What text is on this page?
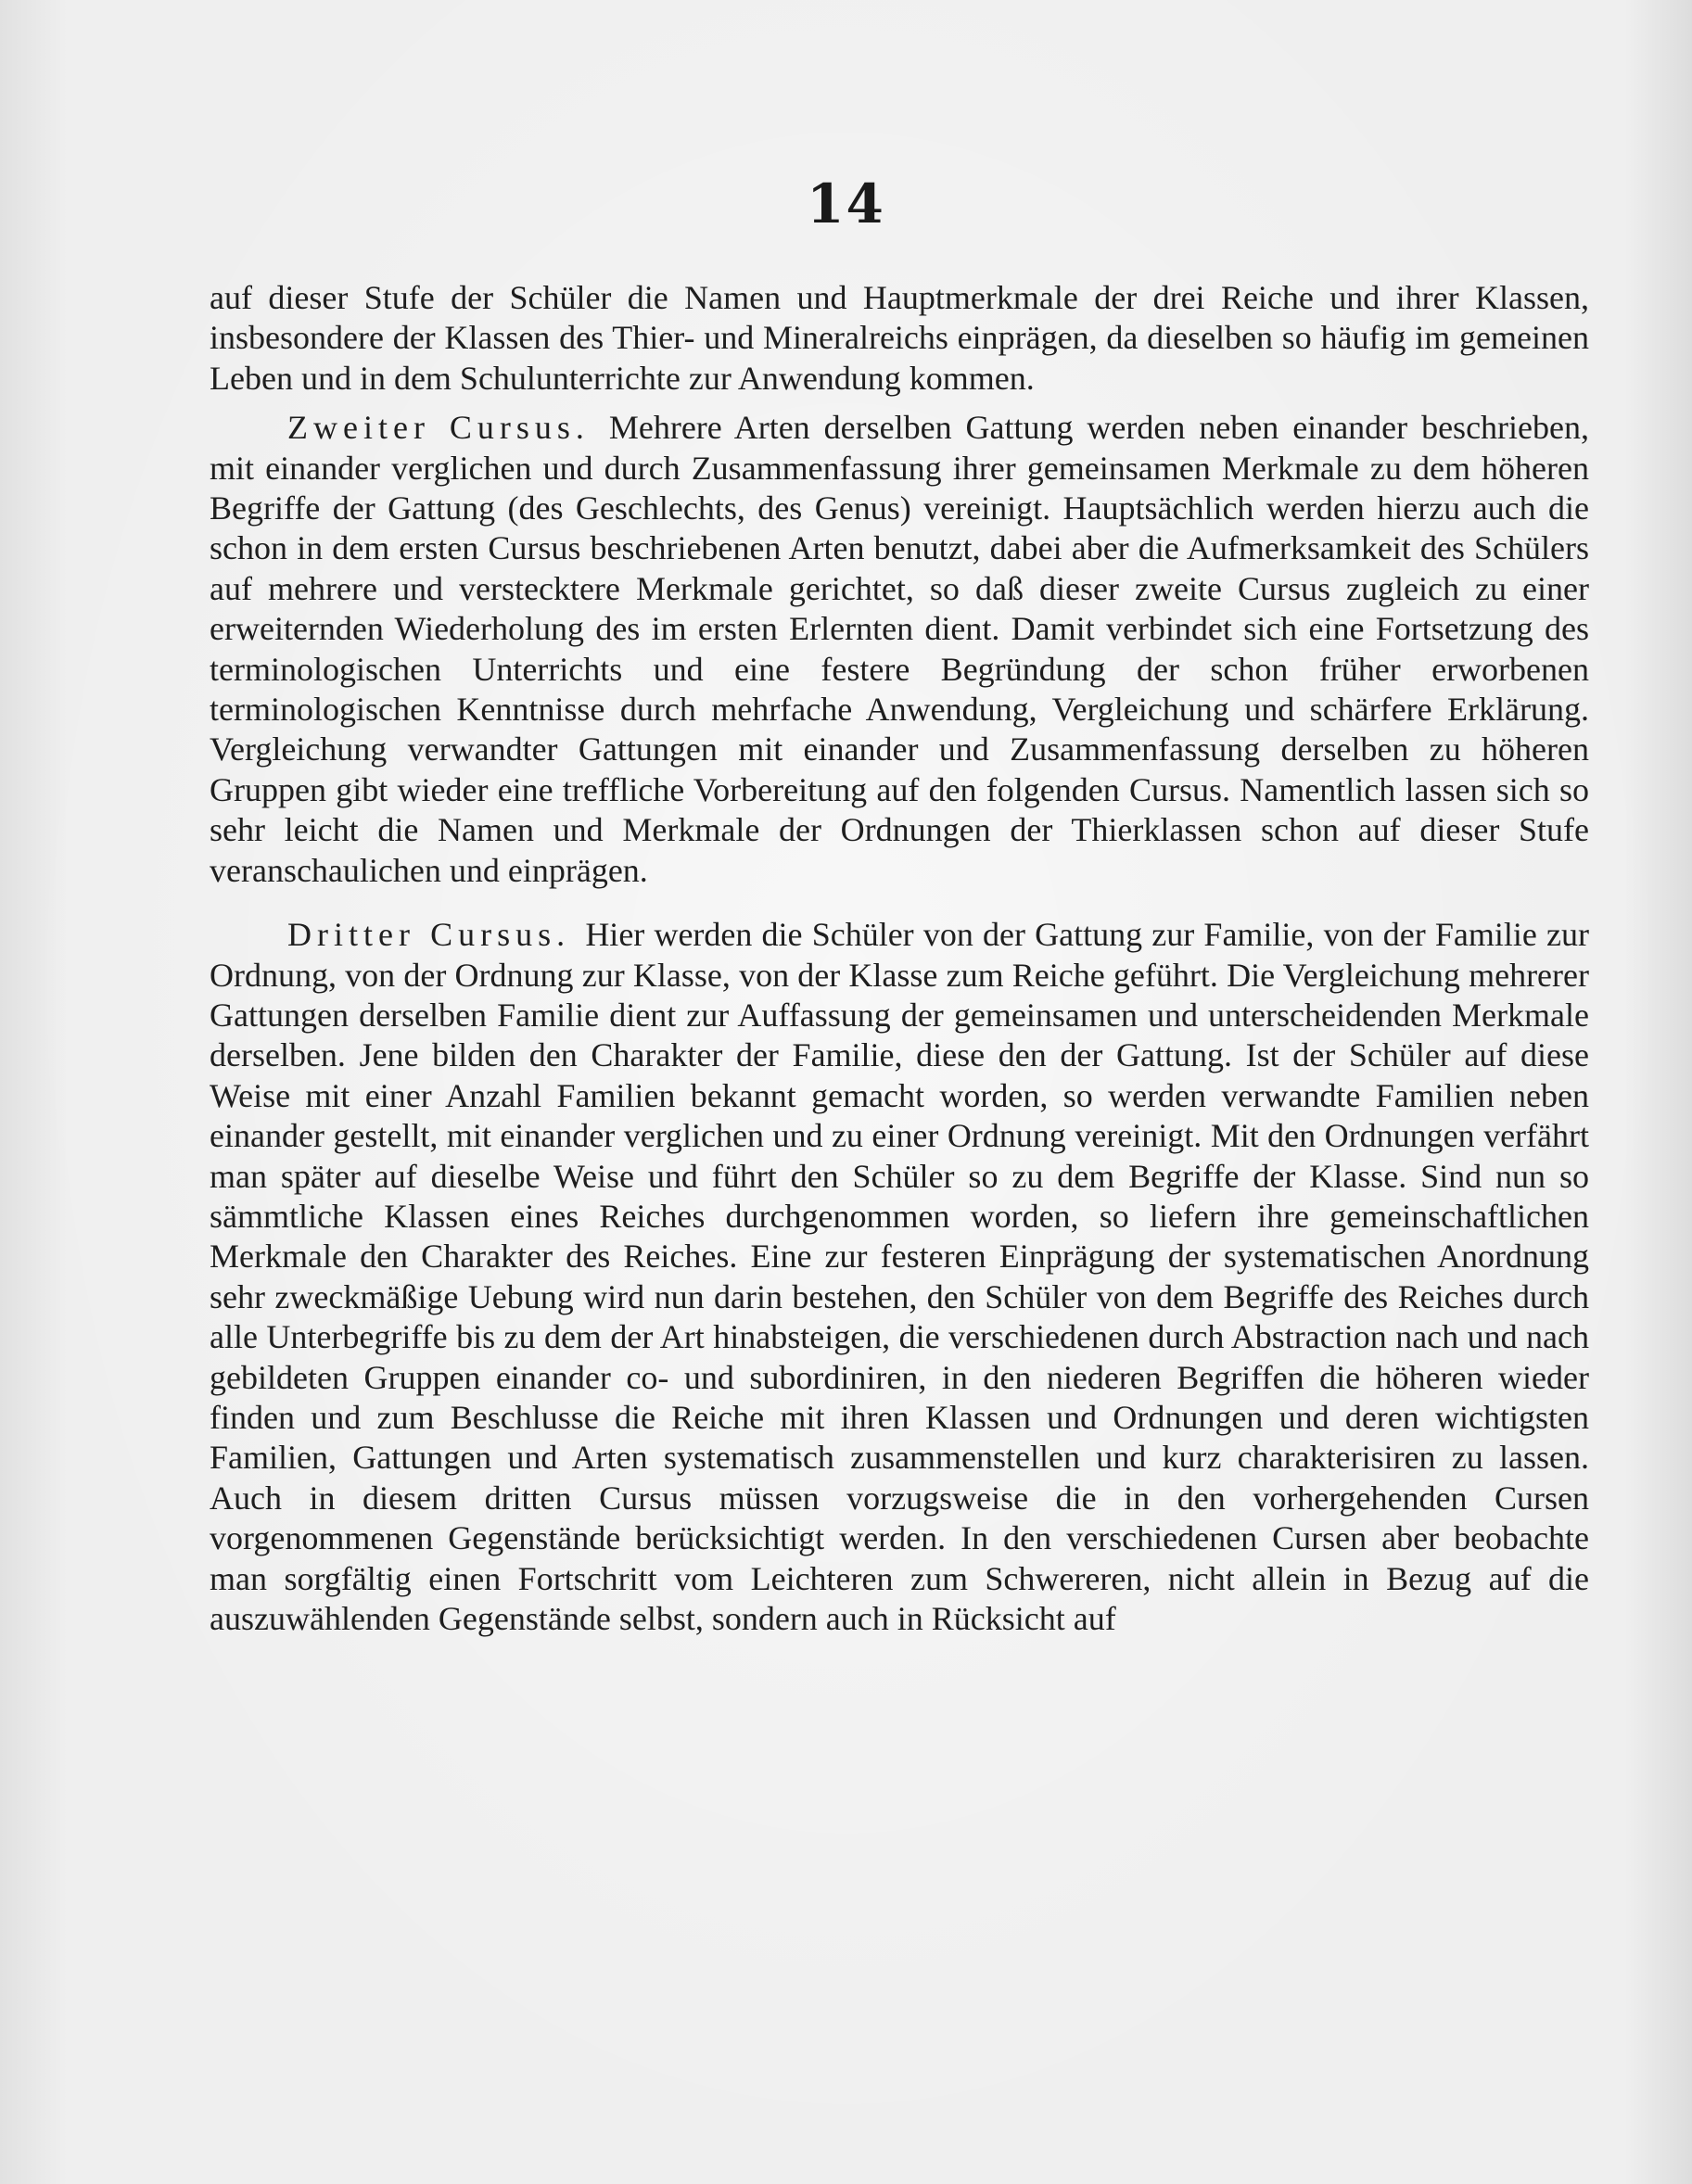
14

auf dieser Stufe der Schüler die Namen und Hauptmerkmale der drei Reiche und ihrer Klassen, insbesondere der Klassen des Thier- und Mineralreichs einprägen, da dieselben so häufig im gemeinen Leben und in dem Schulunterrichte zur Anwendung kommen.

Zweiter Cursus. Mehrere Arten derselben Gattung werden neben einander beschrieben, mit einander verglichen und durch Zusammenfassung ihrer gemeinsamen Merkmale zu dem höheren Begriffe der Gattung (des Geschlechts, des Genus) vereinigt. Hauptsächlich werden hierzu auch die schon in dem ersten Cursus beschriebenen Arten benutzt, dabei aber die Aufmerksamkeit des Schülers auf mehrere und verstecktere Merkmale gerichtet, so daß dieser zweite Cursus zugleich zu einer erweiternden Wiederholung des im ersten Erlernten dient. Damit verbindet sich eine Fortsetzung des terminologischen Unterrichts und eine festere Begründung der schon früher erworbenen terminologischen Kenntnisse durch mehrfache Anwendung, Vergleichung und schärfere Erklärung. Vergleichung verwandter Gattungen mit einander und Zusammenfassung derselben zu höheren Gruppen gibt wieder eine treffliche Vorbereitung auf den folgenden Cursus. Namentlich lassen sich so sehr leicht die Namen und Merkmale der Ordnungen der Thierklassen schon auf dieser Stufe veranschaulichen und einprägen.

Dritter Cursus. Hier werden die Schüler von der Gattung zur Familie, von der Familie zur Ordnung, von der Ordnung zur Klasse, von der Klasse zum Reiche geführt. Die Vergleichung mehrerer Gattungen derselben Familie dient zur Auffassung der gemeinsamen und unterscheidenden Merkmale derselben. Jene bilden den Charakter der Familie, diese den der Gattung. Ist der Schüler auf diese Weise mit einer Anzahl Familien bekannt gemacht worden, so werden verwandte Familien neben einander gestellt, mit einander verglichen und zu einer Ordnung vereinigt. Mit den Ordnungen verfährt man später auf dieselbe Weise und führt den Schüler so zu dem Begriffe der Klasse. Sind nun so sämmtliche Klassen eines Reiches durchgenommen worden, so liefern ihre gemeinschaftlichen Merkmale den Charakter des Reiches. Eine zur festeren Einprägung der systematischen Anordnung sehr zweckmäßige Uebung wird nun darin bestehen, den Schüler von dem Begriffe des Reiches durch alle Unterbegriffe bis zu dem der Art hinabsteigen, die verschiedenen durch Abstraction nach und nach gebildeten Gruppen einander co- und subordiniren, in den niederen Begriffen die höheren wieder finden und zum Beschlusse die Reiche mit ihren Klassen und Ordnungen und deren wichtigsten Familien, Gattungen und Arten systematisch zusammenstellen und kurz charakterisiren zu lassen. Auch in diesem dritten Cursus müssen vorzugsweise die in den vorhergehenden Cursen vorgenommenen Gegenstände berücksichtigt werden. In den verschiedenen Cursen aber beobachte man sorgfältig einen Fortschritt vom Leichteren zum Schwereren, nicht allein in Bezug auf die auszuwählenden Gegenstände selbst, sondern auch in Rücksicht auf
